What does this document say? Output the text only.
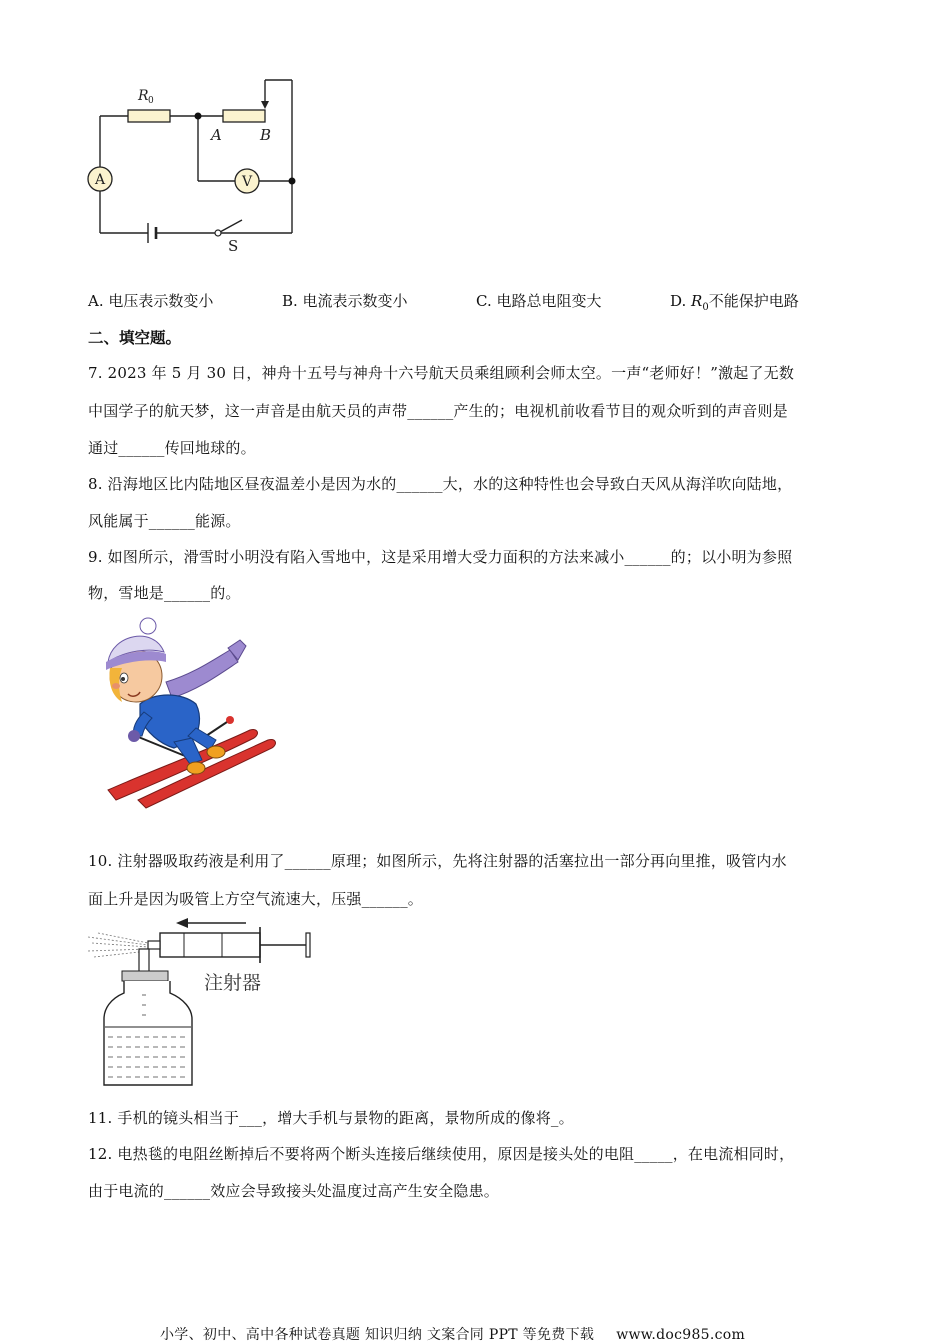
A	V
R 0
A	B
S
A. 电压表示数变小	B. 电流表示数变小	C. 电路总电阻变大	D. $R_0$不能保护电路
二、填空题。
7. 2023 年 5 月 30 日，神舟十五号与神舟十六号航天员乘组顾利会师太空。一声“老师好！”激起了无数
中国学子的航天梦，这一声音是由航天员的声带______产生的；电视机前收看节目的观众听到的声音则是
通过______传回地球的。
8. 沿海地区比内陆地区昼夜温差小是因为水的______大，水的这种特性也会导致白天风从海洋吹向陆地，
风能属于______能源。
9. 如图所示，滑雪时小明没有陷入雪地中，这是采用增大受力面积的方法来减小______的；以小明为参照
物，雪地是______的。
10. 注射器吸取药液是利用了______原理；如图所示，先将注射器的活塞拉出一部分再向里推，吸管内水
面上升是因为吸管上方空气流速大，压强______。
注射器
11. 手机的镜头相当于___，增大手机与景物的距离，景物所成的像将_。
12. 电热毯的电阻丝断掉后不要将两个断头连接后继续使用，原因是接头处的电阻_____，在电流相同时，
由于电流的______效应会导致接头处温度过高产生安全隐患。
小学、初中、高中各种试卷真题 知识归纳 文案合同 PPT 等免费下载 www.doc985.com
